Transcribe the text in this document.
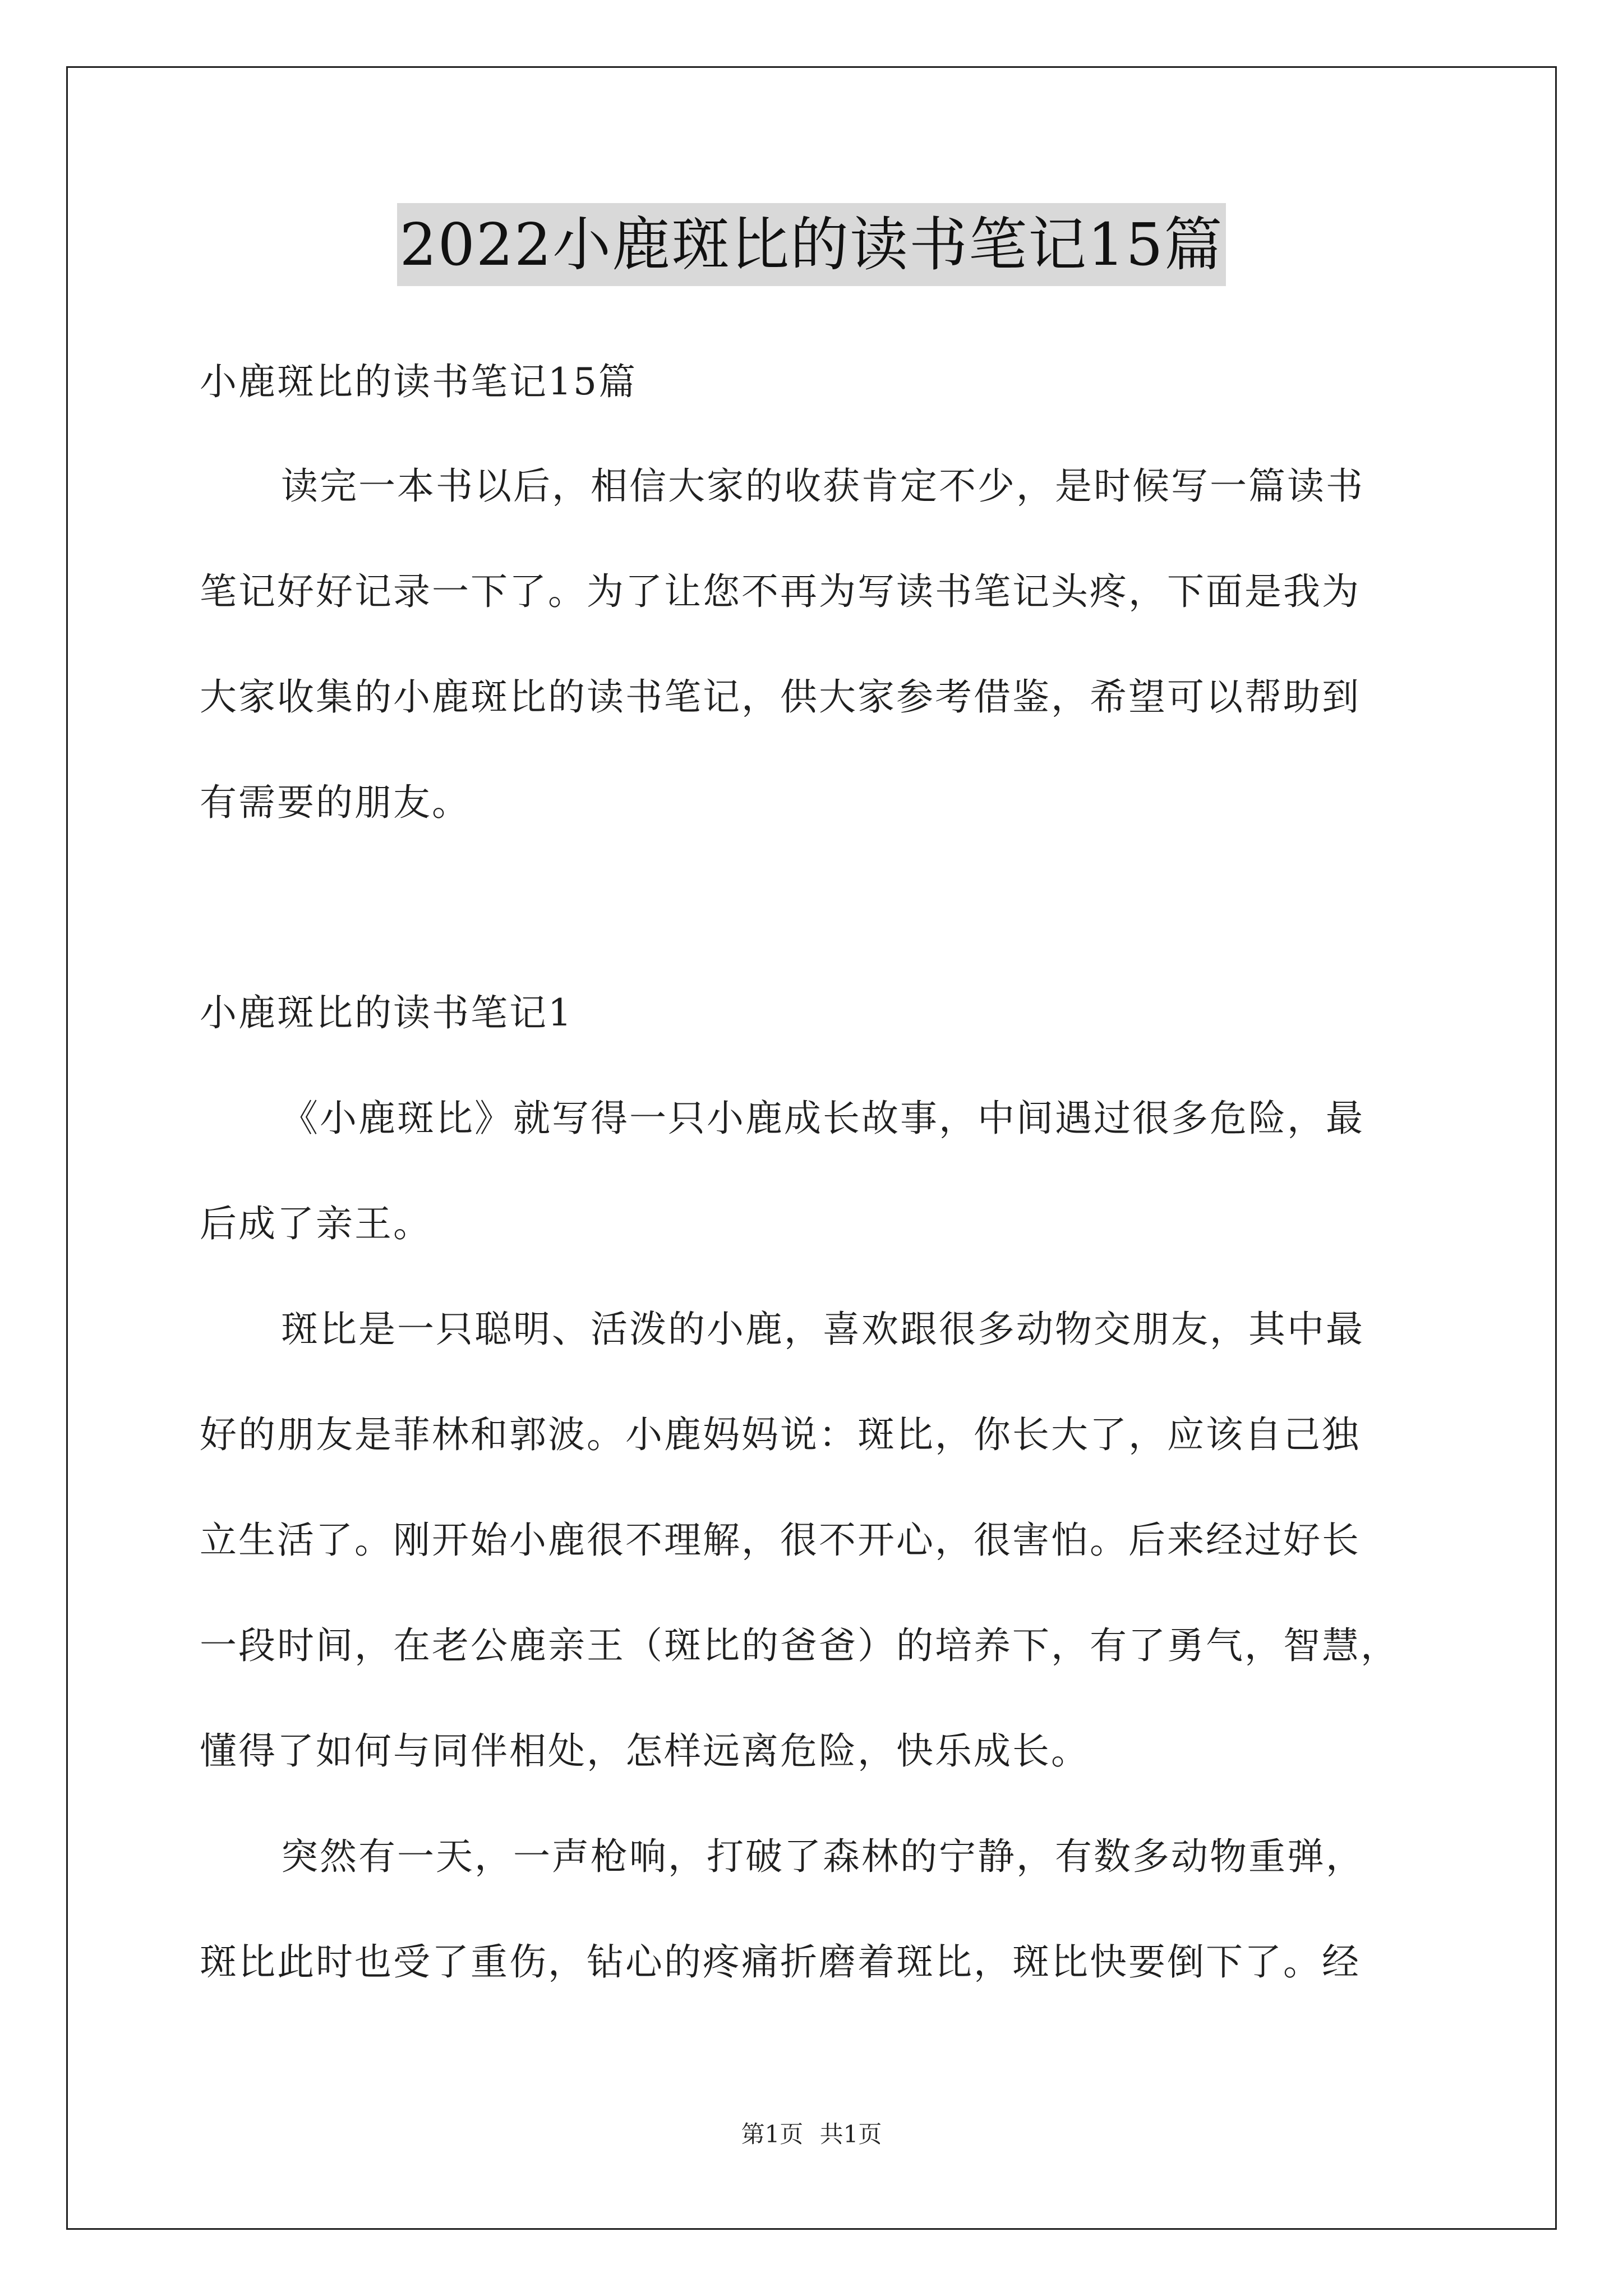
2022小鹿斑比的读书笔记15篇
小鹿斑比的读书笔记15篇
读完一本书以后，相信大家的收获肯定不少，是时候写一篇读书
笔记好好记录一下了。为了让您不再为写读书笔记头疼，下面是我为
大家收集的小鹿斑比的读书笔记，供大家参考借鉴，希望可以帮助到
有需要的朋友。
小鹿斑比的读书笔记1
《小鹿斑比》就写得一只小鹿成长故事，中间遇过很多危险，最
后成了亲王。
斑比是一只聪明、活泼的小鹿，喜欢跟很多动物交朋友，其中最
好的朋友是菲林和郭波。小鹿妈妈说：斑比，你长大了，应该自己独
立生活了。刚开始小鹿很不理解，很不开心，很害怕。后来经过好长
一段时间，在老公鹿亲王（斑比的爸爸）的培养下，有了勇气，智慧，
懂得了如何与同伴相处，怎样远离危险，快乐成长。
突然有一天，一声枪响，打破了森林的宁静，有数多动物重弹，
斑比此时也受了重伤，钻心的疼痛折磨着斑比，斑比快要倒下了。经
第1页 共1页
